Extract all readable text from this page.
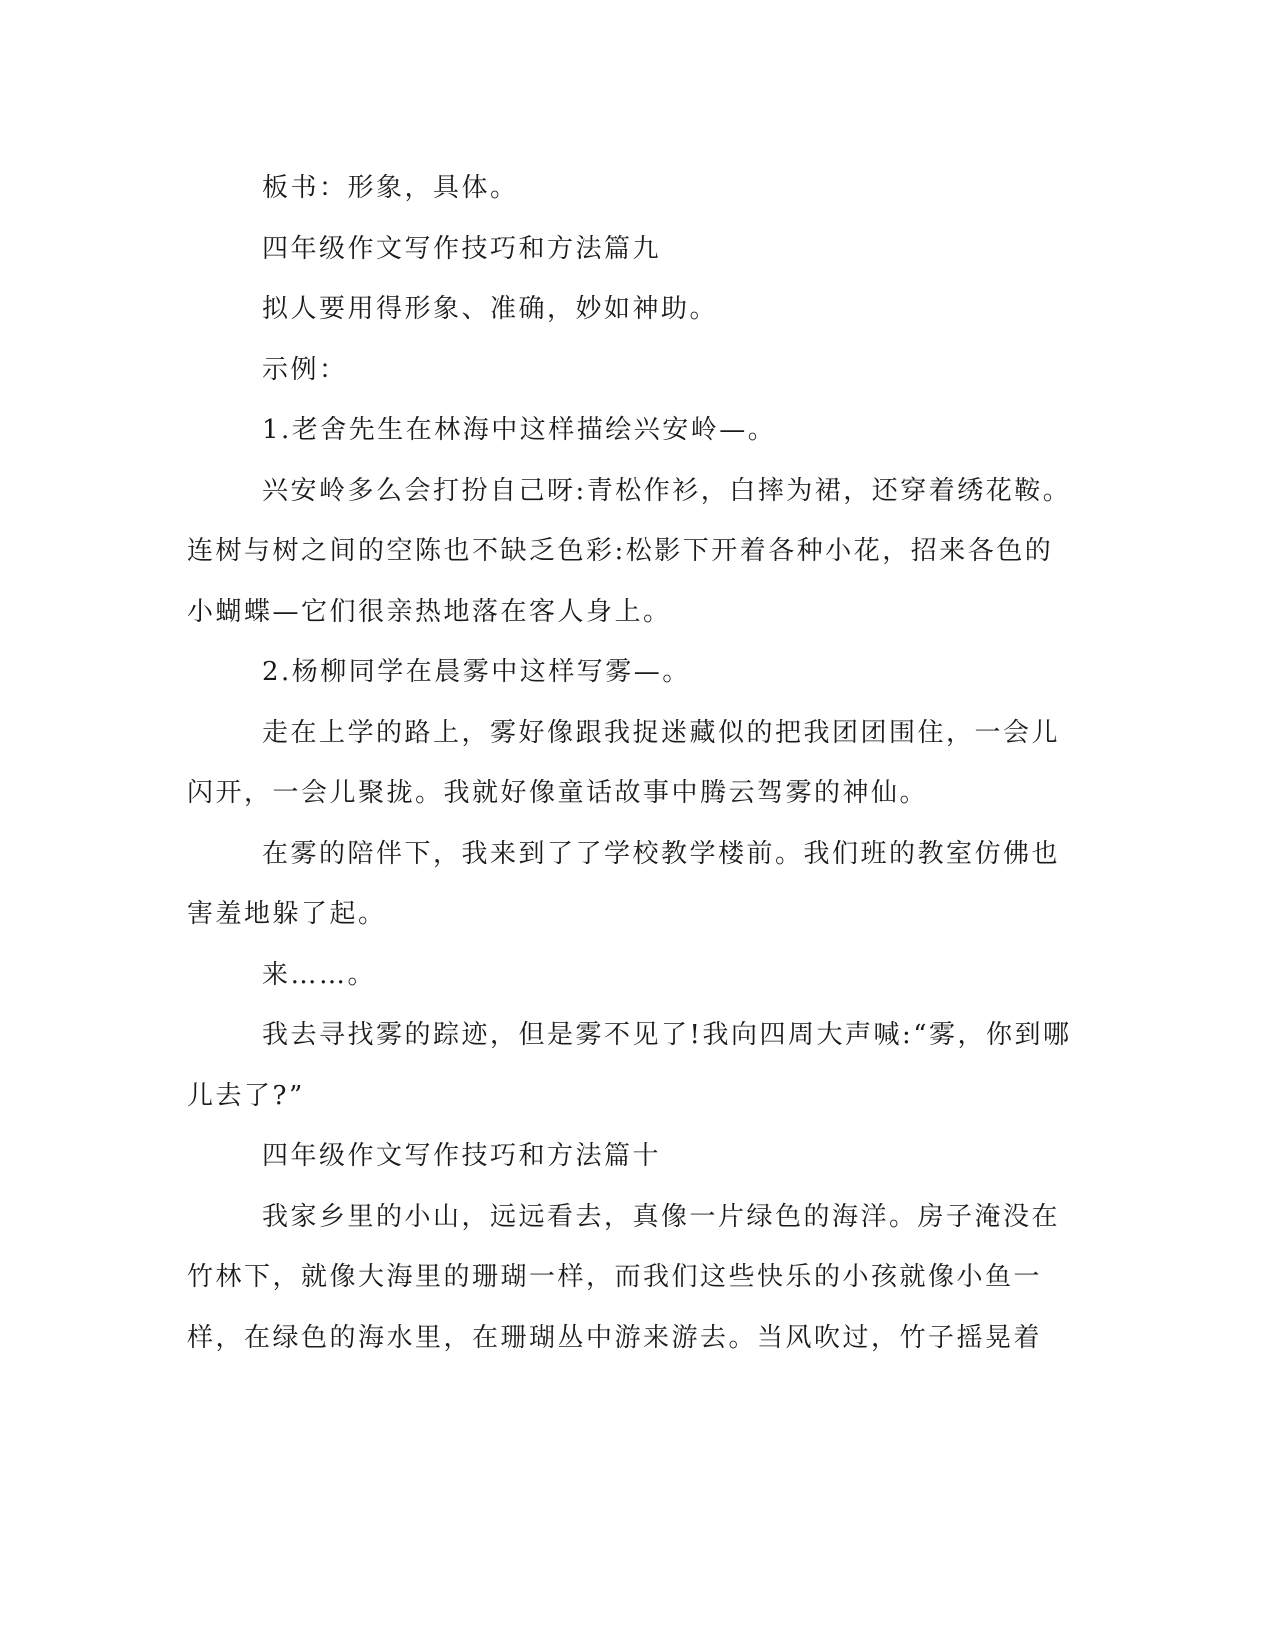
板书：形象，具体。

四年级作文写作技巧和方法篇九

拟人要用得形象、准确，妙如神助。

示例：

1.老舍先生在林海中这样描绘兴安岭—。

兴安岭多么会打扮自己呀:青松作衫，白摔为裙，还穿着绣花鞍。
连树与树之间的空陈也不缺乏色彩:松影下开着各种小花，招来各色的
小蝴蝶—它们很亲热地落在客人身上。

2.杨柳同学在晨雾中这样写雾—。

走在上学的路上，雾好像跟我捉迷藏似的把我团团围住，一会儿
闪开，一会儿聚拢。我就好像童话故事中腾云驾雾的神仙。

在雾的陪伴下，我来到了了学校教学楼前。我们班的教室仿佛也
害羞地躲了起。

来……。

我去寻找雾的踪迹，但是雾不见了!我向四周大声喊:“雾，你到哪
儿去了?”

四年级作文写作技巧和方法篇十

我家乡里的小山，远远看去，真像一片绿色的海洋。房子淹没在
竹林下，就像大海里的珊瑚一样，而我们这些快乐的小孩就像小鱼一
样，在绿色的海水里，在珊瑚丛中游来游去。当风吹过，竹子摇晃着
